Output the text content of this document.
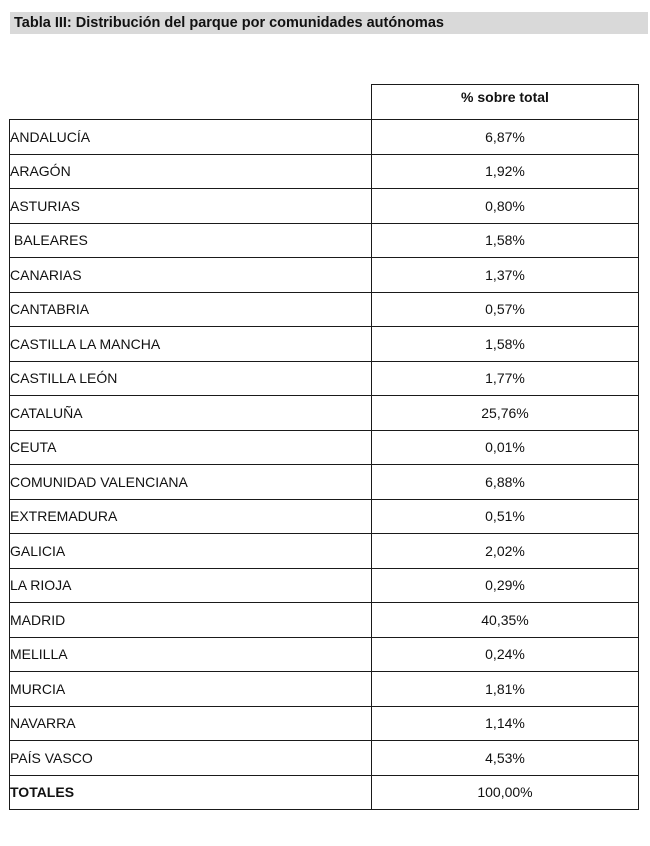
Tabla III: Distribución del parque por comunidades autónomas
	% sobre total
ANDALUCÍA	6,87%
ARAGÓN	1,92%
ASTURIAS	0,80%
BALEARES	1,58%
CANARIAS	1,37%
CANTABRIA	0,57%
CASTILLA LA MANCHA	1,58%
CASTILLA LEÓN	1,77%
CATALUÑA	25,76%
CEUTA	0,01%
COMUNIDAD VALENCIANA	6,88%
EXTREMADURA	0,51%
GALICIA	2,02%
LA RIOJA	0,29%
MADRID	40,35%
MELILLA	0,24%
MURCIA	1,81%
NAVARRA	1,14%
PAÍS VASCO	4,53%
TOTALES	100,00%
